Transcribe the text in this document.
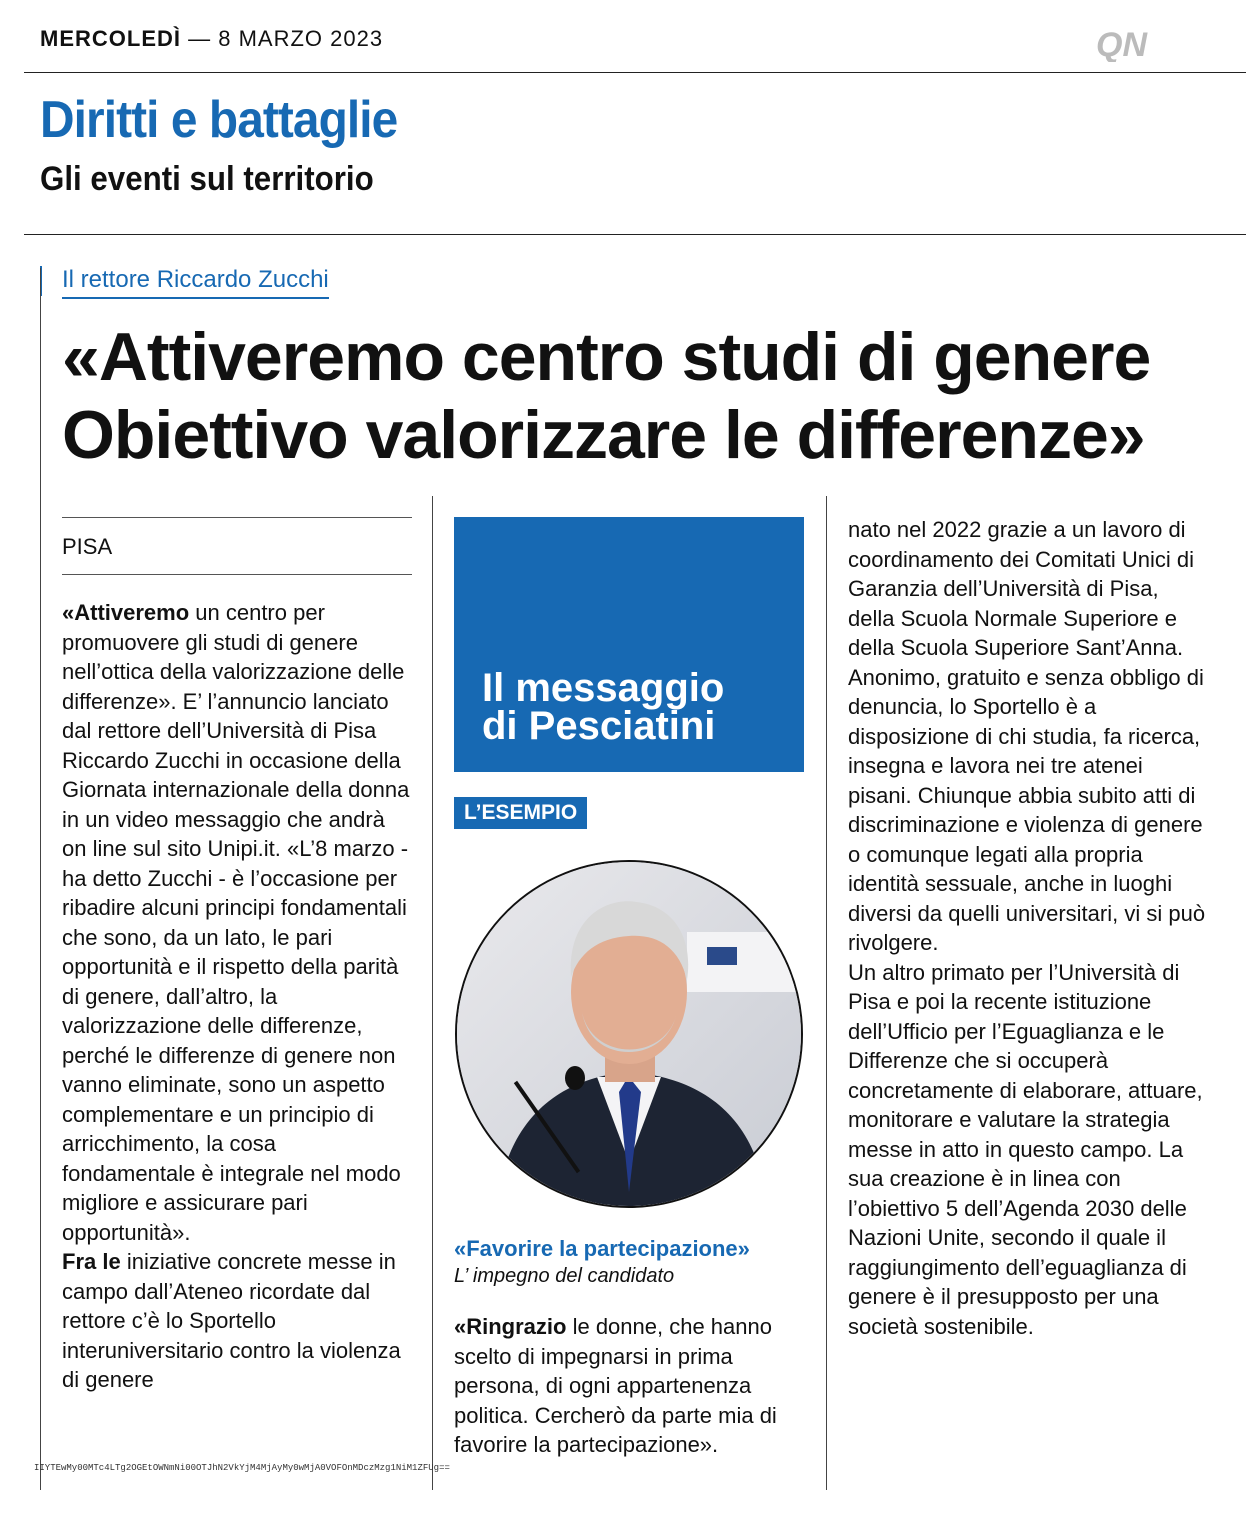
MERCOLEDÌ — 8 MARZO 2023	QN
Diritti e battaglie
Gli eventi sul territorio
Il rettore Riccardo Zucchi
«Attiveremo centro studi di genere
Obiettivo valorizzare le differenze»
PISA
«Attiveremo un centro per promuovere gli studi di genere nell’ottica della valorizzazione delle differenze». E’ l’annuncio lanciato dal rettore dell’Università di Pisa Riccardo Zucchi in occasione della Giornata internazionale della donna in un video messaggio che andrà on line sul sito Unipi.it. «L’8 marzo - ha detto Zucchi - è l’occasione per ribadire alcuni principi fondamentali che sono, da un lato, le pari opportunità e il rispetto della parità di genere, dall’altro, la valorizzazione delle differenze, perché le differenze di genere non vanno eliminate, sono un aspetto complementare e un principio di arricchimento, la cosa fondamentale è integrale nel modo migliore e assicurare pari opportunità».
Fra le iniziative concrete messe in campo dall’Ateneo ricordate dal rettore c’è lo Sportello interuniversitario contro la violenza di genere
Il messaggio
di Pesciatini
L’ESEMPIO
«Favorire la partecipazione»
L’ impegno del candidato
«Ringrazio le donne, che hanno scelto di impegnarsi in prima persona, di ogni appartenenza politica. Cercherò da parte mia di favorire la partecipazione».
nato nel 2022 grazie a un lavoro di coordinamento dei Comitati Unici di Garanzia dell’Università di Pisa, della Scuola Normale Superiore e della Scuola Superiore Sant’Anna. Anonimo, gratuito e senza obbligo di denuncia, lo Sportello è a disposizione di chi studia, fa ricerca, insegna e lavora nei tre atenei pisani. Chiunque abbia subito atti di discriminazione e violenza di genere o comunque legati alla propria identità sessuale, anche in luoghi diversi da quelli universitari, vi si può rivolgere.
Un altro primato per l’Università di Pisa e poi la recente istituzione dell’Ufficio per l’Eguaglianza e le Differenze che si occuperà concretamente di elaborare, attuare, monitorare e valutare la strategia messe in atto in questo campo. La sua creazione è in linea con l’obiettivo 5 dell’Agenda 2030 delle Nazioni Unite, secondo il quale il raggiungimento dell’eguaglianza di genere è il presupposto per una società sostenibile.
IIYTEwMy00MTc4LTg2OGEtOWNmNi00OTJhN2VkYjM4MjAyMy0wMjA0VOFOnMDczMzg1NiM1ZFUg==
